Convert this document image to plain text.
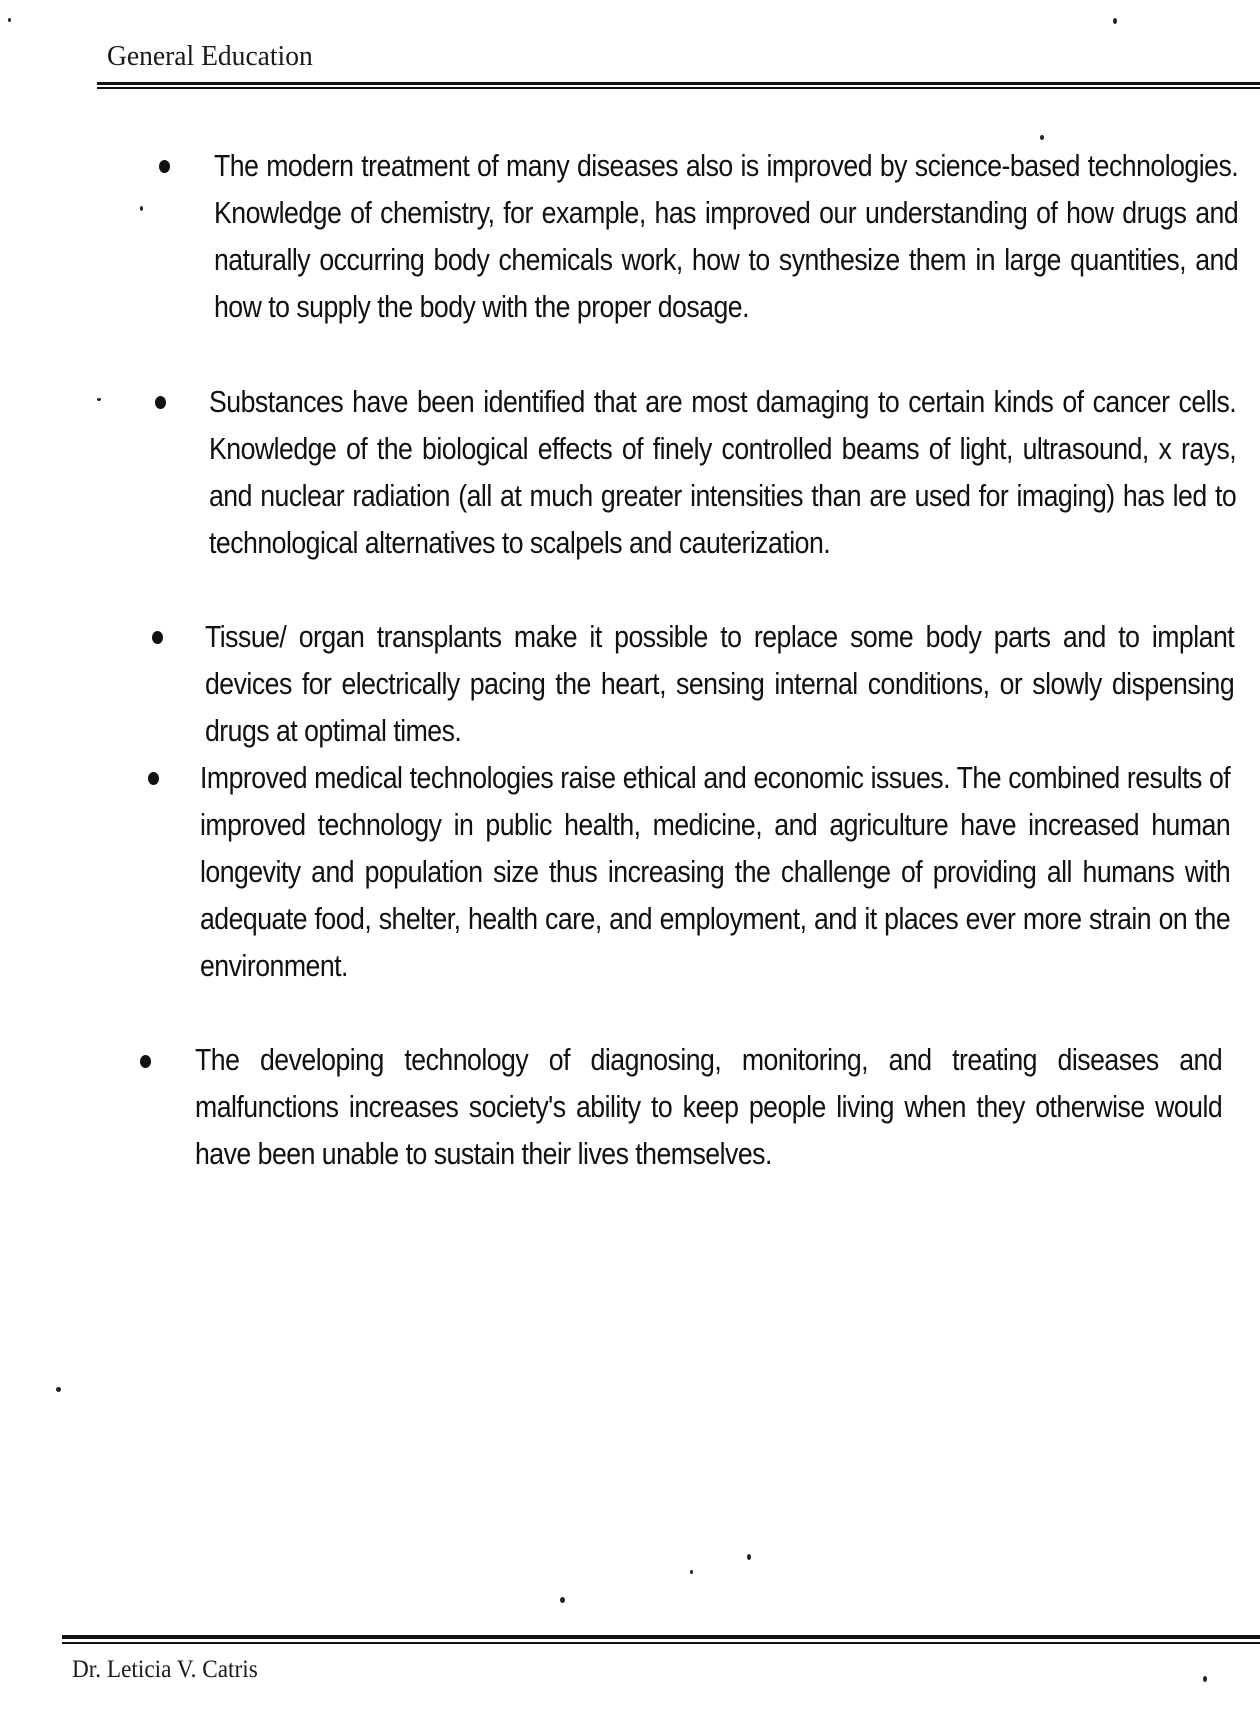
General Education
The modern treatment of many diseases also is improved by science-based technologies. Knowledge of chemistry, for example, has improved our understanding of how drugs and naturally occurring body chemicals work, how to synthesize them in large quantities, and how to supply the body with the proper dosage.
Substances have been identified that are most damaging to certain kinds of cancer cells. Knowledge of the biological effects of finely controlled beams of light, ultrasound, x rays, and nuclear radiation (all at much greater intensities than are used for imaging) has led to technological alternatives to scalpels and cauterization.
Tissue/ organ transplants make it possible to replace some body parts and to implant devices for electrically pacing the heart, sensing internal conditions, or slowly dispensing drugs at optimal times.
Improved medical technologies raise ethical and economic issues. The combined results of improved technology in public health, medicine, and agriculture have increased human longevity and population size thus increasing the challenge of providing all humans with adequate food, shelter, health care, and employment, and it places ever more strain on the environment.
The developing technology of diagnosing, monitoring, and treating diseases and malfunctions increases society's ability to keep people living when they otherwise would have been unable to sustain their lives themselves.
Dr. Leticia V. Catris
